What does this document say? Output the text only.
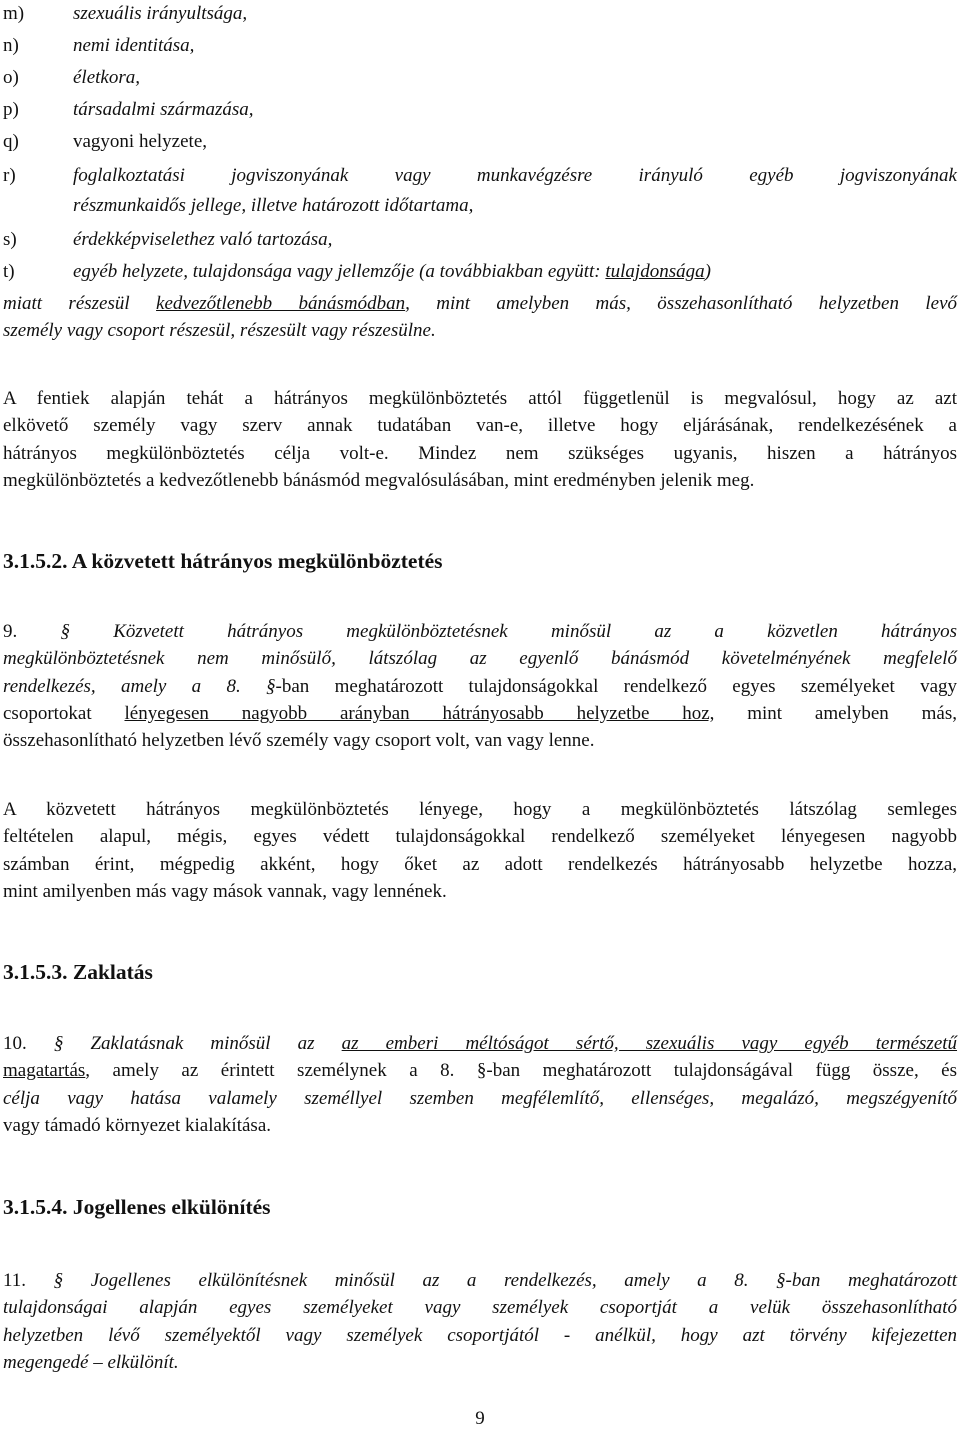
m)	szexuális irányultsága,
n)	nemi identitása,
o)	életkora,
p)	társadalmi származása,
q)	vagyoni helyzete,
r)	foglalkoztatási jogviszonyának vagy munkavégzésre irányuló egyéb jogviszonyának
részmunkaidős jellege, illetve határozott időtartama,
s)	érdekképviselethez való tartozása,
t)	egyéb helyzete, tulajdonsága vagy jellemzője (a továbbiakban együtt: tulajdonsága)
miatt részesül kedvezőtlenebb bánásmódban, mint amelyben más, összehasonlítható helyzetben levő
személy vagy csoport részesül, részesült vagy részesülne.
A fentiek alapján tehát a hátrányos megkülönböztetés attól függetlenül is megvalósul, hogy az azt
elkövető személy vagy szerv annak tudatában van-e, illetve hogy eljárásának, rendelkezésének a
hátrányos megkülönböztetés célja volt-e. Mindez nem szükséges ugyanis, hiszen a hátrányos
megkülönböztetés a kedvezőtlenebb bánásmód megvalósulásában, mint eredményben jelenik meg.
3.1.5.2. A közvetett hátrányos megkülönböztetés
9. § Közvetett hátrányos megkülönböztetésnek minősül az a közvetlen hátrányos
megkülönböztetésnek nem minősülő, látszólag az egyenlő bánásmód követelményének megfelelő
rendelkezés, amely a 8. §-ban meghatározott tulajdonságokkal rendelkező egyes személyeket vagy
csoportokat lényegesen nagyobb arányban hátrányosabb helyzetbe hoz, mint amelyben más,
összehasonlítható helyzetben lévő személy vagy csoport volt, van vagy lenne.
A közvetett hátrányos megkülönböztetés lényege, hogy a megkülönböztetés látszólag semleges
feltételen alapul, mégis, egyes védett tulajdonságokkal rendelkező személyeket lényegesen nagyobb
számban érint, mégpedig akként, hogy őket az adott rendelkezés hátrányosabb helyzetbe hozza,
mint amilyenben más vagy mások vannak, vagy lennének.
3.1.5.3. Zaklatás
10. § Zaklatásnak minősül az az emberi méltóságot sértő, szexuális vagy egyéb természetű
magatartás, amely az érintett személynek a 8. §-ban meghatározott tulajdonságával függ össze, és
célja vagy hatása valamely személlyel szemben megfélemlítő, ellenséges, megalázó, megszégyenítő
vagy támadó környezet kialakítása.
3.1.5.4. Jogellenes elkülönítés
11. § Jogellenes elkülönítésnek minősül az a rendelkezés, amely a 8. §-ban meghatározott
tulajdonságai alapján egyes személyeket vagy személyek csoportját a velük összehasonlítható
helyzetben lévő személyektől vagy személyek csoportjától - anélkül, hogy azt törvény kifejezetten
megengedé – elkülönít.
9
